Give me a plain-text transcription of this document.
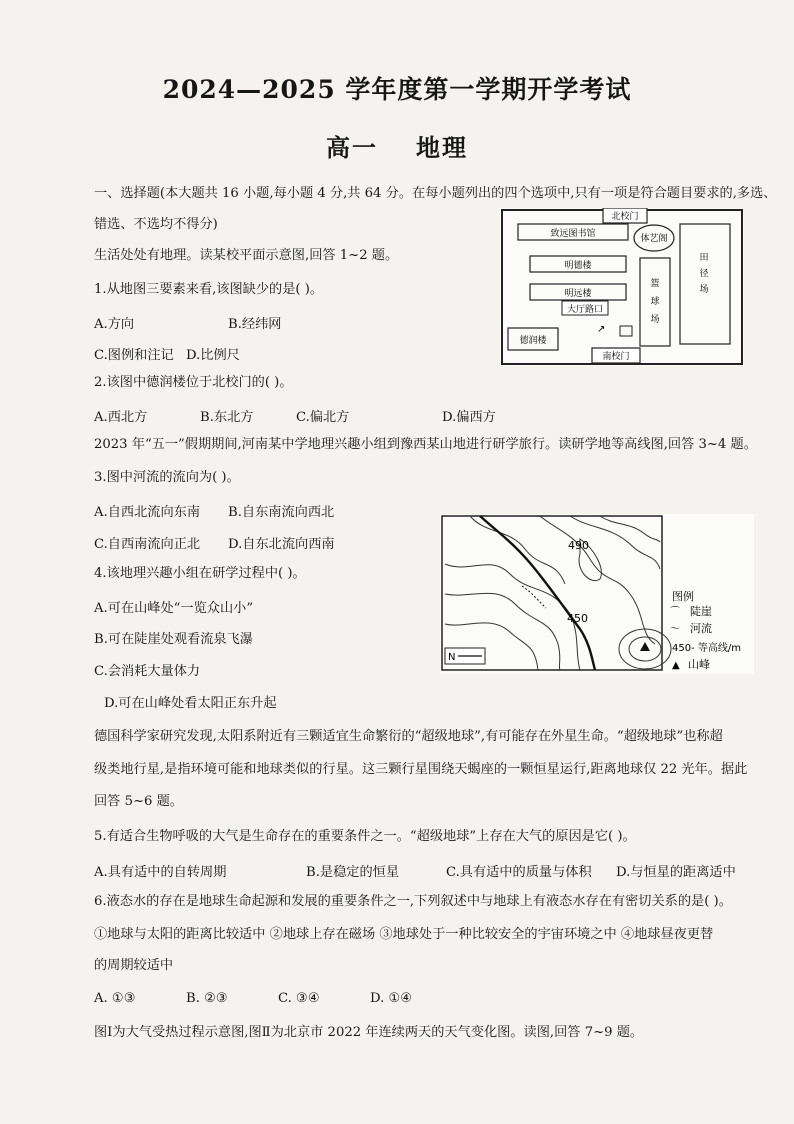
2024—2025 学年度第一学期开学考试
高一 地理
一、选择题(本大题共 16 小题,每小题 4 分,共 64 分。在每小题列出的四个选项中,只有一项是符合题目要求的,多选、
错选、不选均不得分)
生活处处有地理。读某校平面示意图,回答 1~2 题。
1.从地图三要素来看,该图缺少的是( )。
A.方向	B.经纬网
C.图例和注记 D.比例尺
2.该图中德润楼位于北校门的( )。
A.西北方	B.东北方	C.偏北方	D.偏西方
北校门
致远图书馆	体艺阁
田
径
场
明德楼
明远楼
篮
球
场
大厅路口
↗
德润楼
南校门
2023 年“五一”假期期间,河南某中学地理兴趣小组到豫西某山地进行研学旅行。读研学地等高线图,回答 3~4 题。
3.图中河流的流向为( )。
A.自西北流向东南 B.自东南流向西北
C.自西南流向正北 D.自东北流向西南
4.该地理兴趣小组在研学过程中( )。
A.可在山峰处“一览众山小”
B.可在陡崖处观看流泉飞瀑
C.会消耗大量体力
D.可在山峰处看太阳正东升起
490
450
N
图例
⌒ 陡崖
〜 河流
450- 等高线/m
▲ 山峰
德国科学家研究发现,太阳系附近有三颗适宜生命繁衍的“超级地球”,有可能存在外星生命。“超级地球”也称超
级类地行星,是指环境可能和地球类似的行星。这三颗行星围绕天蝎座的一颗恒星运行,距离地球仅 22 光年。据此
回答 5~6 题。
5.有适合生物呼吸的大气是生命存在的重要条件之一。“超级地球”上存在大气的原因是它( )。
A.具有适中的自转周期	B.是稳定的恒星	C.具有适中的质量与体积 D.与恒星的距离适中
6.液态水的存在是地球生命起源和发展的重要条件之一,下列叙述中与地球上有液态水存在有密切关系的是( )。
①地球与太阳的距离比较适中 ②地球上存在磁场 ③地球处于一种比较安全的宇宙环境之中 ④地球昼夜更替
的周期较适中
A. ①③	B. ②③	C. ③④	D. ①④
图Ⅰ为大气受热过程示意图,图Ⅱ为北京市 2022 年连续两天的天气变化图。读图,回答 7~9 题。
